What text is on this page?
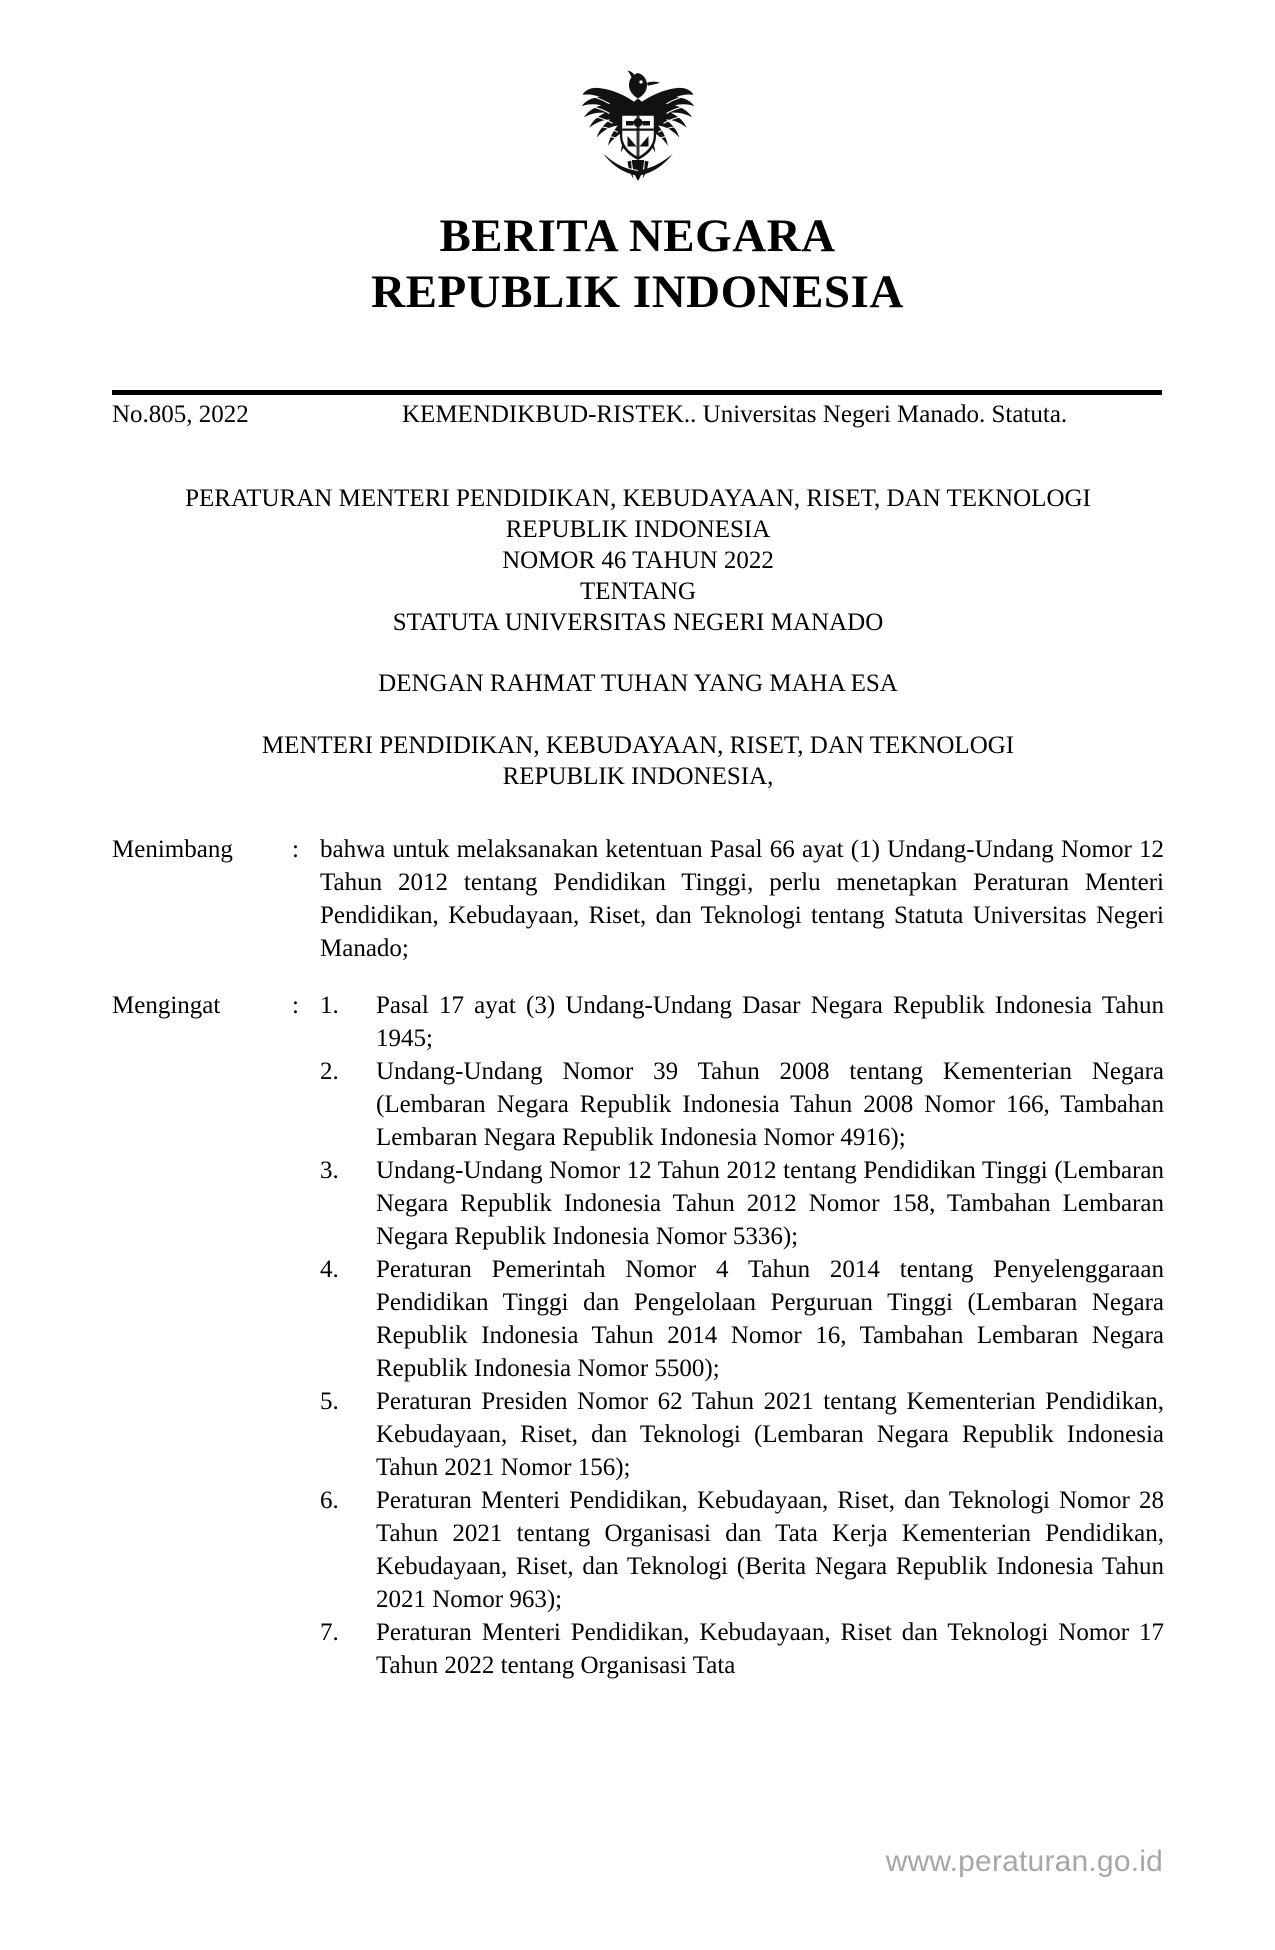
BERITA NEGARA
REPUBLIK INDONESIA
No.805, 2022	KEMENDIKBUD-RISTEK.. Universitas Negeri Manado. Statuta.
PERATURAN MENTERI PENDIDIKAN, KEBUDAYAAN, RISET, DAN TEKNOLOGI
REPUBLIK INDONESIA
NOMOR 46 TAHUN 2022
TENTANG
STATUTA UNIVERSITAS NEGERI MANADO
DENGAN RAHMAT TUHAN YANG MAHA ESA
MENTERI PENDIDIKAN, KEBUDAYAAN, RISET, DAN TEKNOLOGI
REPUBLIK INDONESIA,
Menimbang	: bahwa untuk melaksanakan ketentuan Pasal 66 ayat (1) Undang-Undang Nomor 12 Tahun 2012 tentang Pendidikan Tinggi, perlu menetapkan Peraturan Menteri Pendidikan, Kebudayaan, Riset, dan Teknologi tentang Statuta Universitas Negeri Manado;

Mengingat	: 1.	Pasal 17 ayat (3) Undang-Undang Dasar Negara Republik Indonesia Tahun 1945;
2.	Undang-Undang Nomor 39 Tahun 2008 tentang Kementerian Negara (Lembaran Negara Republik Indonesia Tahun 2008 Nomor 166, Tambahan Lembaran Negara Republik Indonesia Nomor 4916);
3.	Undang-Undang Nomor 12 Tahun 2012 tentang Pendidikan Tinggi (Lembaran Negara Republik Indonesia Tahun 2012 Nomor 158, Tambahan Lembaran Negara Republik Indonesia Nomor 5336);
4.	Peraturan Pemerintah Nomor 4 Tahun 2014 tentang Penyelenggaraan Pendidikan Tinggi dan Pengelolaan Perguruan Tinggi (Lembaran Negara Republik Indonesia Tahun 2014 Nomor 16, Tambahan Lembaran Negara Republik Indonesia Nomor 5500);
5.	Peraturan Presiden Nomor 62 Tahun 2021 tentang Kementerian Pendidikan, Kebudayaan, Riset, dan Teknologi (Lembaran Negara Republik Indonesia Tahun 2021 Nomor 156);
6.	Peraturan Menteri Pendidikan, Kebudayaan, Riset, dan Teknologi Nomor 28 Tahun 2021 tentang Organisasi dan Tata Kerja Kementerian Pendidikan, Kebudayaan, Riset, dan Teknologi (Berita Negara Republik Indonesia Tahun 2021 Nomor 963);
7.	Peraturan Menteri Pendidikan, Kebudayaan, Riset dan Teknologi Nomor 17 Tahun 2022 tentang Organisasi Tata
www.peraturan.go.id
